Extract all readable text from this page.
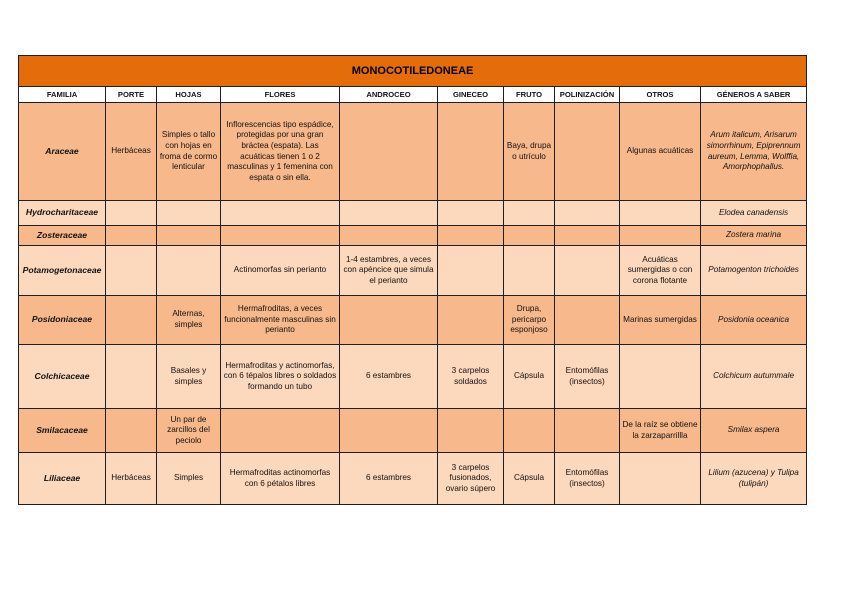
MONOCOTILEDONEAE									
FAMILIA	PORTE	HOJAS	FLORES	ANDROCEO	GINECEO	FRUTO	POLINIZACIÓN	OTROS	GÉNEROS A SABER
Araceae	Herbáceas	Simples o tallo con hojas en froma de cormo lenticular	Inflorescencias tipo espádice, protegidas por una gran bráctea (espata). Las acuáticas tienen 1 o 2 masculinas y 1 femenina con espata o sin ella.			Baya, drupa o utrículo		Algunas acuáticas	Arum italicum, Arisarum simorrhinum, Epiprennum aureum, Lemma, Wolffia, Amorphophallus.
Hydrocharitaceae									Elodea canadensis
Zosteraceae									Zostera marina
Potamogetonaceae			Actinomorfas sin perianto	1-4 estambres, a veces con apéncice que simula el perianto				Acuáticas sumergidas o con corona flotante	Potamogenton trichoides
Posidoniaceae		Alternas, simples	Hermafroditas, a veces funcionalmente masculinas sin perianto			Drupa, pericarpo esponjoso		Marinas sumergidas	Posidonia oceanica
Colchicaceae		Basales y simples	Hermafroditas y actinomorfas, con 6 tépalos libres o soldados formando un tubo	6 estambres	3 carpelos soldados	Cápsula	Entomófilas (insectos)		Colchicum autummale
Smilacaceae		Un par de zarcillos del peciolo						De la raíz se obtiene la zarzaparrillla	Smilax aspera
Liliaceae	Herbáceas	Simples	Hermafroditas actinomorfas con 6 pétalos libres	6 estambres	3 carpelos fusionados, ovario súpero	Cápsula	Entomófilas (insectos)		Lilium (azucena) y Tulipa (tulipán)
